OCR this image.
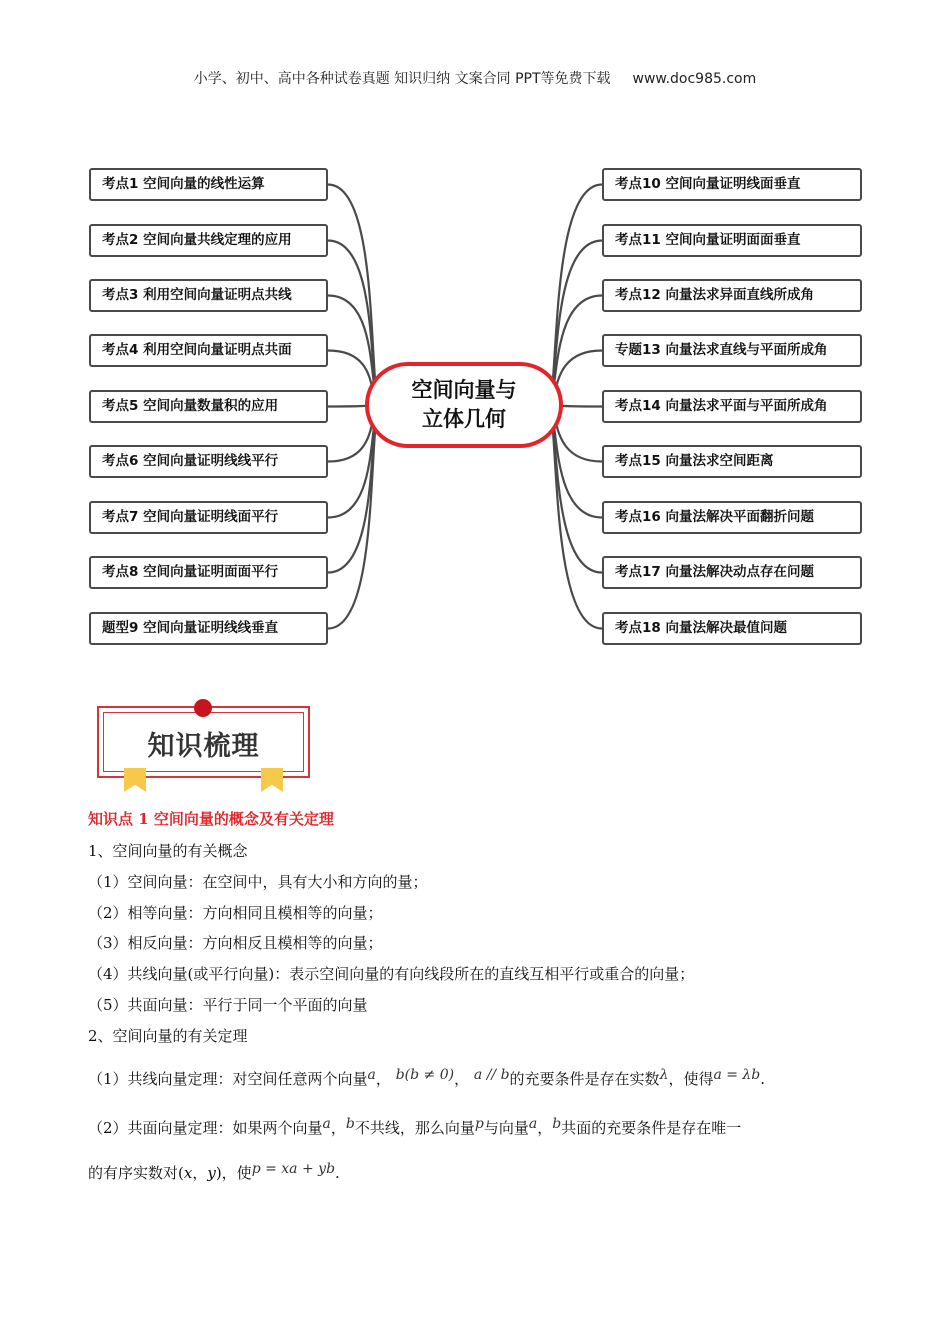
小学、初中、高中各种试卷真题 知识归纳 文案合同 PPT等免费下载 www.doc985.com
考点1 空间向量的线性运算
考点2 空间向量共线定理的应用
考点3 利用空间向量证明点共线
考点4 利用空间向量证明点共面
考点5 空间向量数量积的应用
考点6 空间向量证明线线平行
考点7 空间向量证明线面平行
考点8 空间向量证明面面平行
题型9 空间向量证明线线垂直
考点10 空间向量证明线面垂直
考点11 空间向量证明面面垂直
考点12 向量法求异面直线所成角
专题13 向量法求直线与平面所成角
考点14 向量法求平面与平面所成角
考点15 向量法求空间距离
考点16 向量法解决平面翻折问题
考点17 向量法解决动点存在问题
考点18 向量法解决最值问题
空间向量与
立体几何
知识梳理
知识点 1 空间向量的概念及有关定理
1、空间向量的有关概念
（1）空间向量：在空间中，具有大小和方向的量；
（2）相等向量：方向相同且模相等的向量；
（3）相反向量：方向相反且模相等的向量；
（4）共线向量(或平行向量)：表示空间向量的有向线段所在的直线互相平行或重合的向量；
（5）共面向量：平行于同一个平面的向量
2、空间向量的有关定理
（1）共线向量定理：对空间任意两个向量a， b(b ≠ 0)， a // b的充要条件是存在实数λ，使得a = λb.
（2）共面向量定理：如果两个向量a，b不共线，那么向量p与向量a，b共面的充要条件是存在唯一
的有序实数对(x，y)，使p = xa + yb.
